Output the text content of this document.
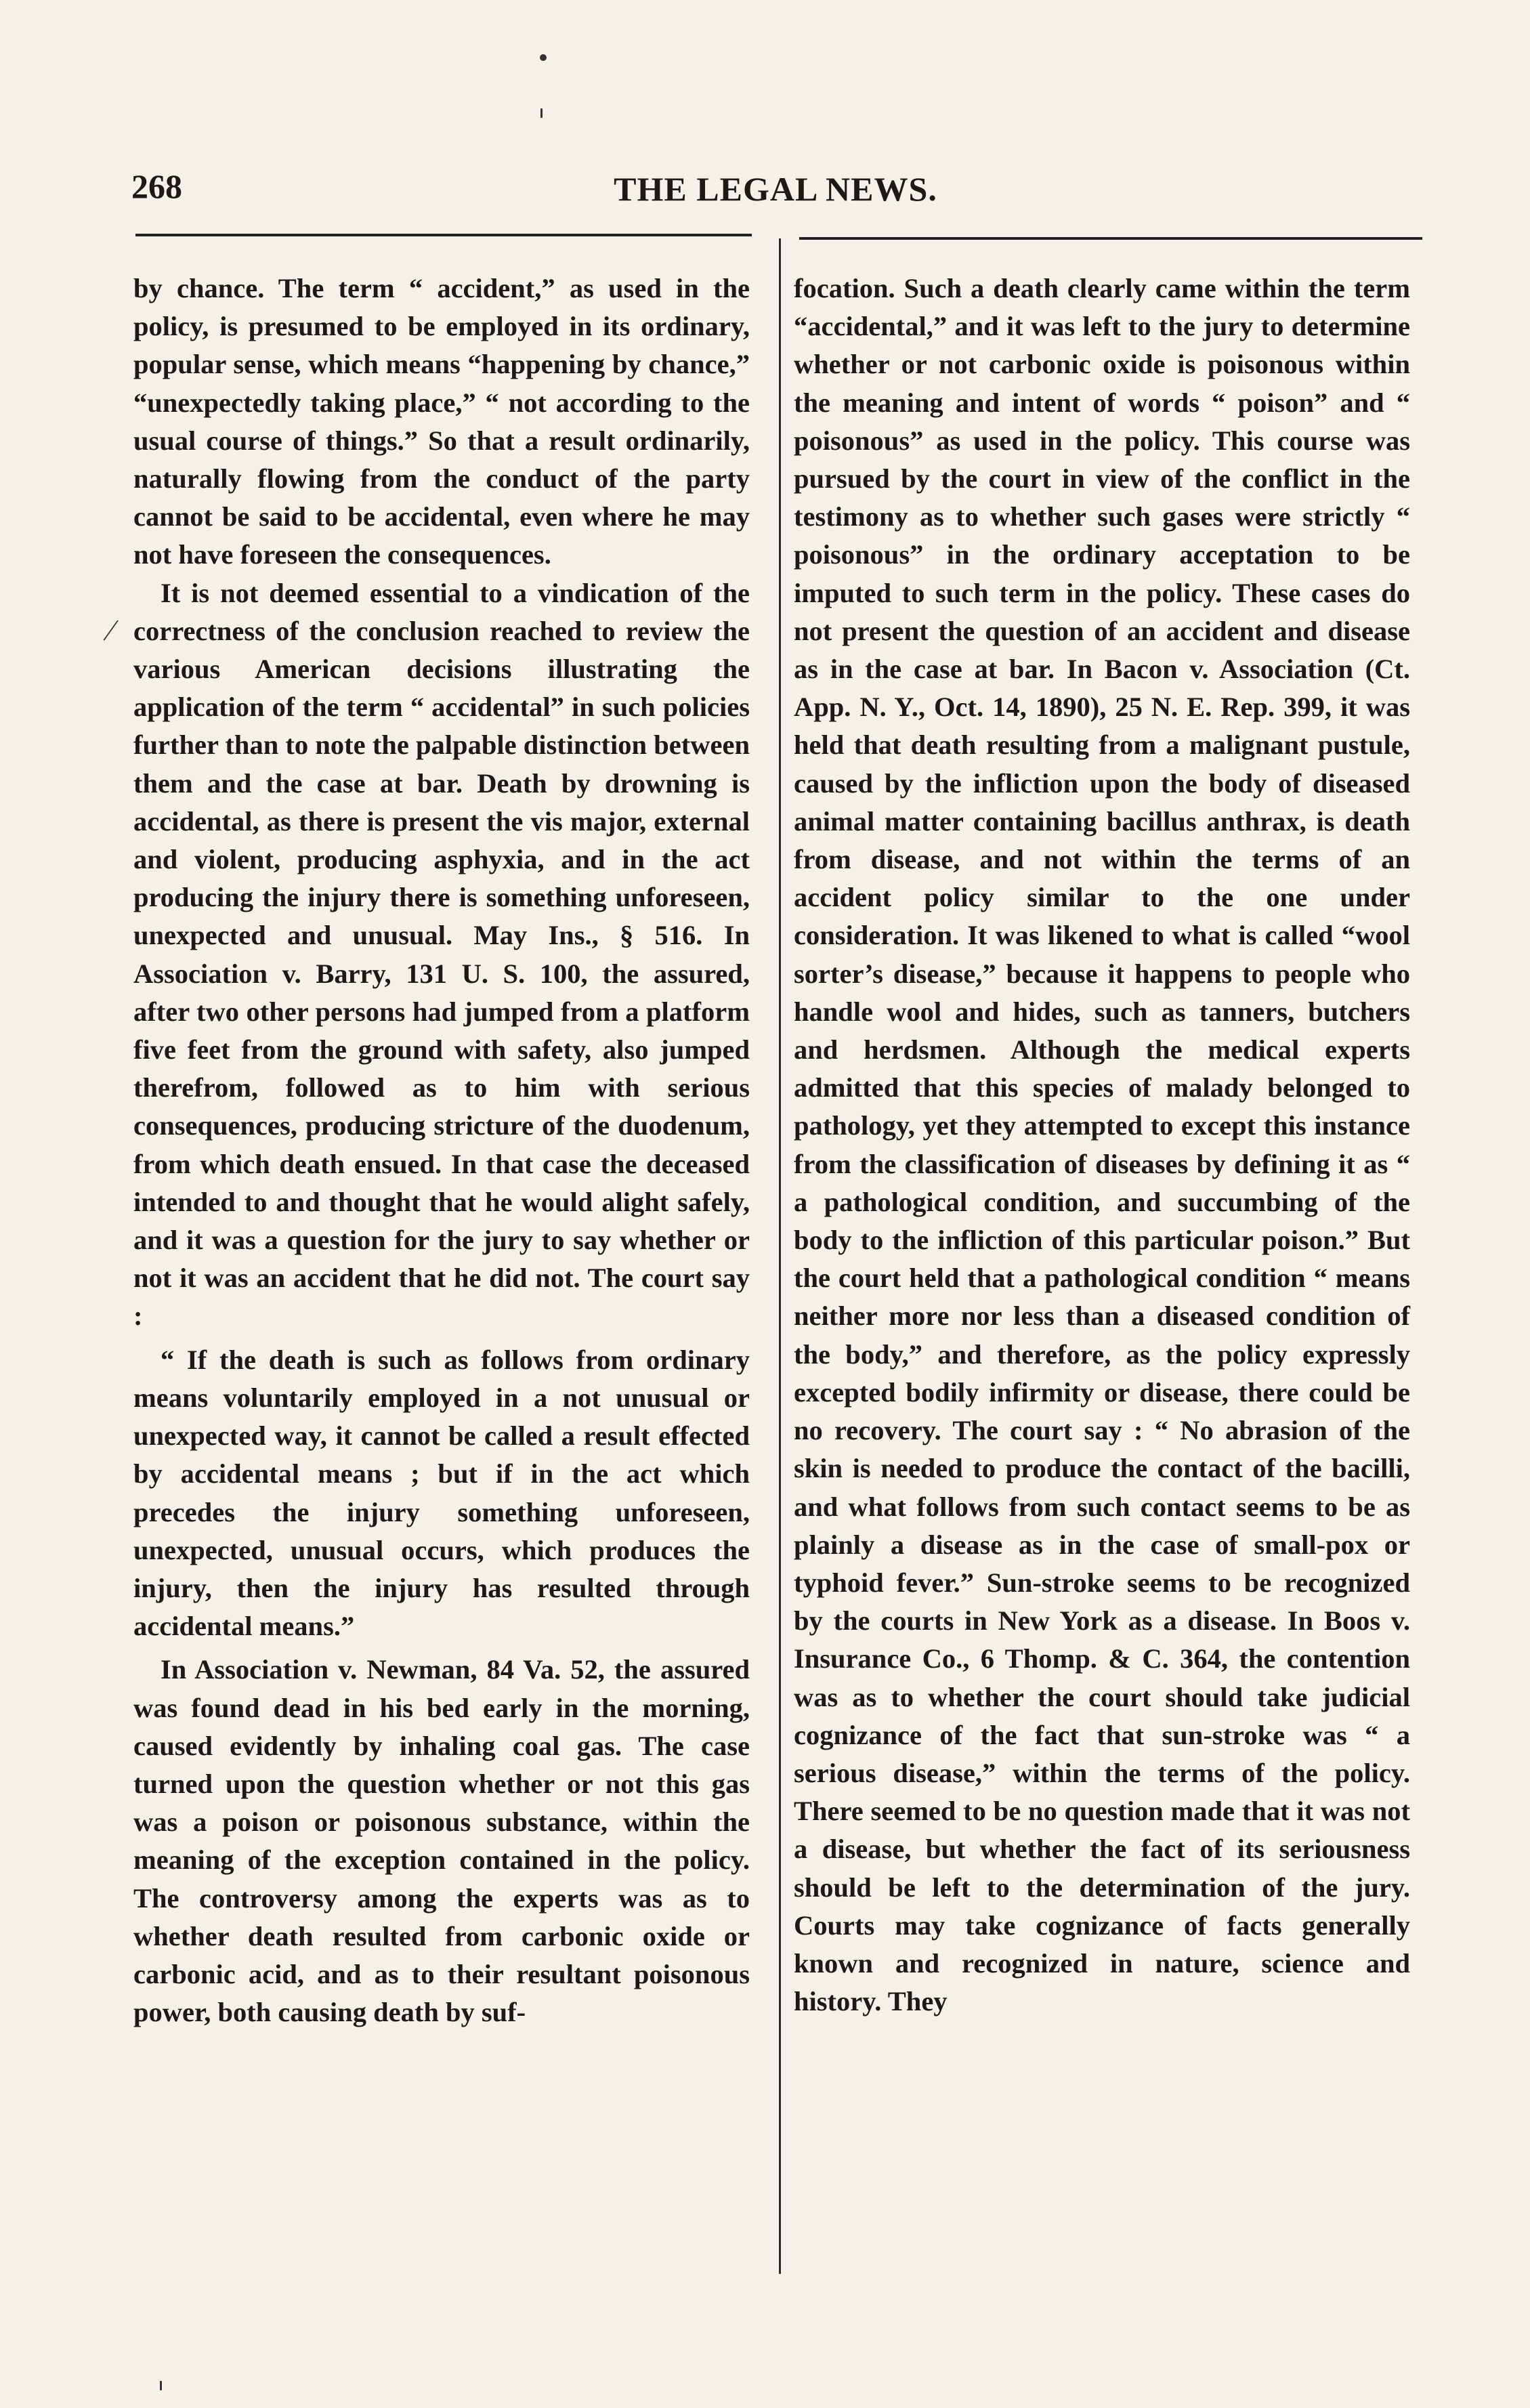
268	THE LEGAL NEWS.
⁄

by chance. The term “ accident,” as used in the policy, is presumed to be employed in its ordinary, popular sense, which means “happening by chance,” “unexpectedly taking place,” “ not according to the usual course of things.” So that a result ordinarily, naturally flowing from the conduct of the party cannot be said to be accidental, even where he may not have foreseen the consequences.

It is not deemed essential to a vindication of the correctness of the conclusion reached to review the various American decisions illustrating the application of the term “ accidental” in such policies further than to note the palpable distinction between them and the case at bar. Death by drowning is accidental, as there is present the vis major, external and violent, producing asphyxia, and in the act producing the injury there is something unforeseen, unexpected and unusual. May Ins., § 516. In Association v. Barry, 131 U. S. 100, the assured, after two other persons had jumped from a platform five feet from the ground with safety, also jumped therefrom, followed as to him with serious consequences, producing stricture of the duodenum, from which death ensued. In that case the deceased intended to and thought that he would alight safely, and it was a question for the jury to say whether or not it was an accident that he did not. The court say :

“ If the death is such as follows from ordinary means voluntarily employed in a not unusual or unexpected way, it cannot be called a result effected by accidental means ; but if in the act which precedes the injury something unforeseen, unexpected, unusual occurs, which produces the injury, then the injury has resulted through accidental means.”

In Association v. Newman, 84 Va. 52, the assured was found dead in his bed early in the morning, caused evidently by inhaling coal gas. The case turned upon the question whether or not this gas was a poison or poisonous substance, within the meaning of the exception contained in the policy. The controversy among the experts was as to whether death resulted from carbonic oxide or carbonic acid, and as to their resultant poisonous power, both causing death by suf-

focation. Such a death clearly came within the term “accidental,” and it was left to the jury to determine whether or not carbonic oxide is poisonous within the meaning and intent of words “ poison” and “ poisonous” as used in the policy. This course was pursued by the court in view of the conflict in the testimony as to whether such gases were strictly “ poisonous” in the ordinary acceptation to be imputed to such term in the policy. These cases do not present the question of an accident and disease as in the case at bar. In Bacon v. Association (Ct. App. N. Y., Oct. 14, 1890), 25 N. E. Rep. 399, it was held that death resulting from a malignant pustule, caused by the infliction upon the body of diseased animal matter containing bacillus anthrax, is death from disease, and not within the terms of an accident policy similar to the one under consideration. It was likened to what is called “wool sorter’s disease,” because it happens to people who handle wool and hides, such as tanners, butchers and herdsmen. Although the medical experts admitted that this species of malady belonged to pathology, yet they attempted to except this instance from the classification of diseases by defining it as “ a pathological condition, and succumbing of the body to the infliction of this particular poison.” But the court held that a pathological condition “ means neither more nor less than a diseased condition of the body,” and therefore, as the policy expressly excepted bodily infirmity or disease, there could be no recovery. The court say : “ No abrasion of the skin is needed to produce the contact of the bacilli, and what follows from such contact seems to be as plainly a disease as in the case of small-pox or typhoid fever.” Sun-stroke seems to be recognized by the courts in New York as a disease. In Boos v. Insurance Co., 6 Thomp. & C. 364, the contention was as to whether the court should take judicial cognizance of the fact that sun-stroke was “ a serious disease,” within the terms of the policy. There seemed to be no question made that it was not a disease, but whether the fact of its seriousness should be left to the determination of the jury. Courts may take cognizance of facts generally known and recognized in nature, science and history. They
